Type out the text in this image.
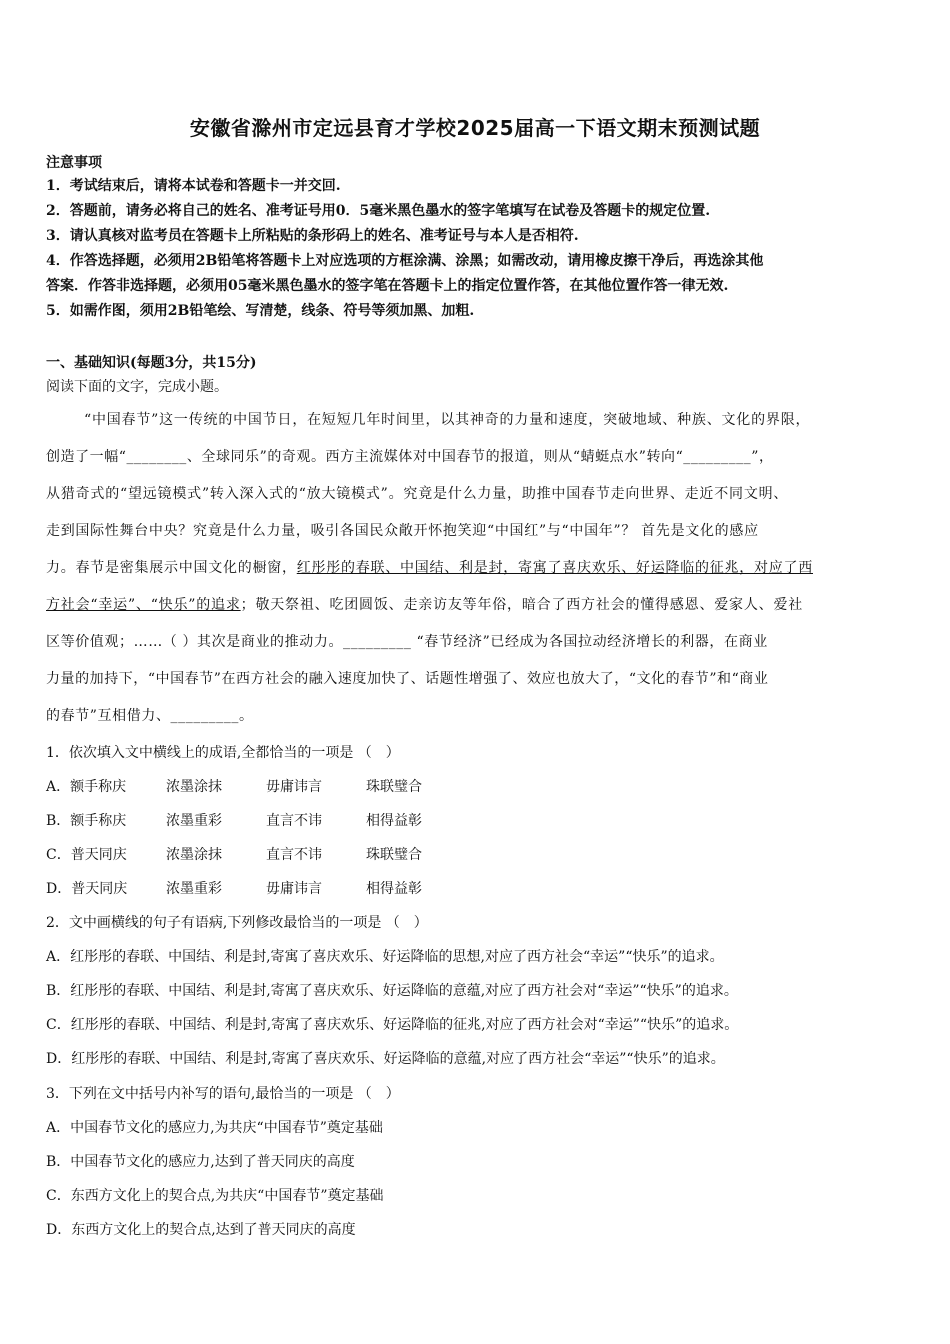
安徽省滁州市定远县育才学校2025届高一下语文期末预测试题
注意事项
1．考试结束后，请将本试卷和答题卡一并交回.
2．答题前，请务必将自己的姓名、准考证号用0．5毫米黑色墨水的签字笔填写在试卷及答题卡的规定位置.
3．请认真核对监考员在答题卡上所粘贴的条形码上的姓名、准考证号与本人是否相符.
4．作答选择题，必须用2B铅笔将答题卡上对应选项的方框涂满、涂黑；如需改动，请用橡皮擦干净后，再选涂其他
答案．作答非选择题，必须用05毫米黑色墨水的签字笔在答题卡上的指定位置作答，在其他位置作答一律无效.
5．如需作图，须用2B铅笔绘、写清楚，线条、符号等须加黑、加粗.
一、基础知识(每题3分，共15分)
阅读下面的文字，完成小题。
“中国春节”这一传统的中国节日，在短短几年时间里，以其神奇的力量和速度，突破地域、种族、文化的界限，
创造了一幅“________、全球同乐”的奇观。西方主流媒体对中国春节的报道，则从“蜻蜓点水”转向“_________”，
从猎奇式的“望远镜模式”转入深入式的“放大镜模式”。究竟是什么力量，助推中国春节走向世界、走近不同文明、
走到国际性舞台中央？究竟是什么力量，吸引各国民众敞开怀抱笑迎“中国红”与“中国年”？ 首先是文化的感应
力。春节是密集展示中国文化的橱窗，红彤彤的春联、中国结、利是封，寄寓了喜庆欢乐、好运降临的征兆，对应了西
方社会“幸运”、“快乐”的追求；敬天祭祖、吃团圆饭、走亲访友等年俗，暗合了西方社会的懂得感恩、爱家人、爱社
区等价值观；……（ ）其次是商业的推动力。_________ “春节经济”已经成为各国拉动经济增长的利器，在商业
力量的加持下，“中国春节”在西方社会的融入速度加快了、话题性增强了、效应也放大了，“文化的春节”和“商业
的春节”互相借力、_________。
1．依次填入文中横线上的成语,全都恰当的一项是 （　）
A．额手称庆	浓墨涂抹	毋庸讳言	珠联璧合
B．额手称庆	浓墨重彩	直言不讳	相得益彰
C．普天同庆	浓墨涂抹	直言不讳	珠联璧合
D．普天同庆	浓墨重彩	毋庸讳言	相得益彰
2．文中画横线的句子有语病,下列修改最恰当的一项是 （　）
A．红彤彤的春联、中国结、利是封,寄寓了喜庆欢乐、好运降临的思想,对应了西方社会“幸运”“快乐”的追求。
B．红彤彤的春联、中国结、利是封,寄寓了喜庆欢乐、好运降临的意蕴,对应了西方社会对“幸运”“快乐”的追求。
C．红彤彤的春联、中国结、利是封,寄寓了喜庆欢乐、好运降临的征兆,对应了西方社会对“幸运”“快乐”的追求。
D．红彤彤的春联、中国结、利是封,寄寓了喜庆欢乐、好运降临的意蕴,对应了西方社会“幸运”“快乐”的追求。
3．下列在文中括号内补写的语句,最恰当的一项是 （　）
A．中国春节文化的感应力,为共庆“中国春节”奠定基础
B．中国春节文化的感应力,达到了普天同庆的高度
C．东西方文化上的契合点,为共庆“中国春节”奠定基础
D．东西方文化上的契合点,达到了普天同庆的高度
